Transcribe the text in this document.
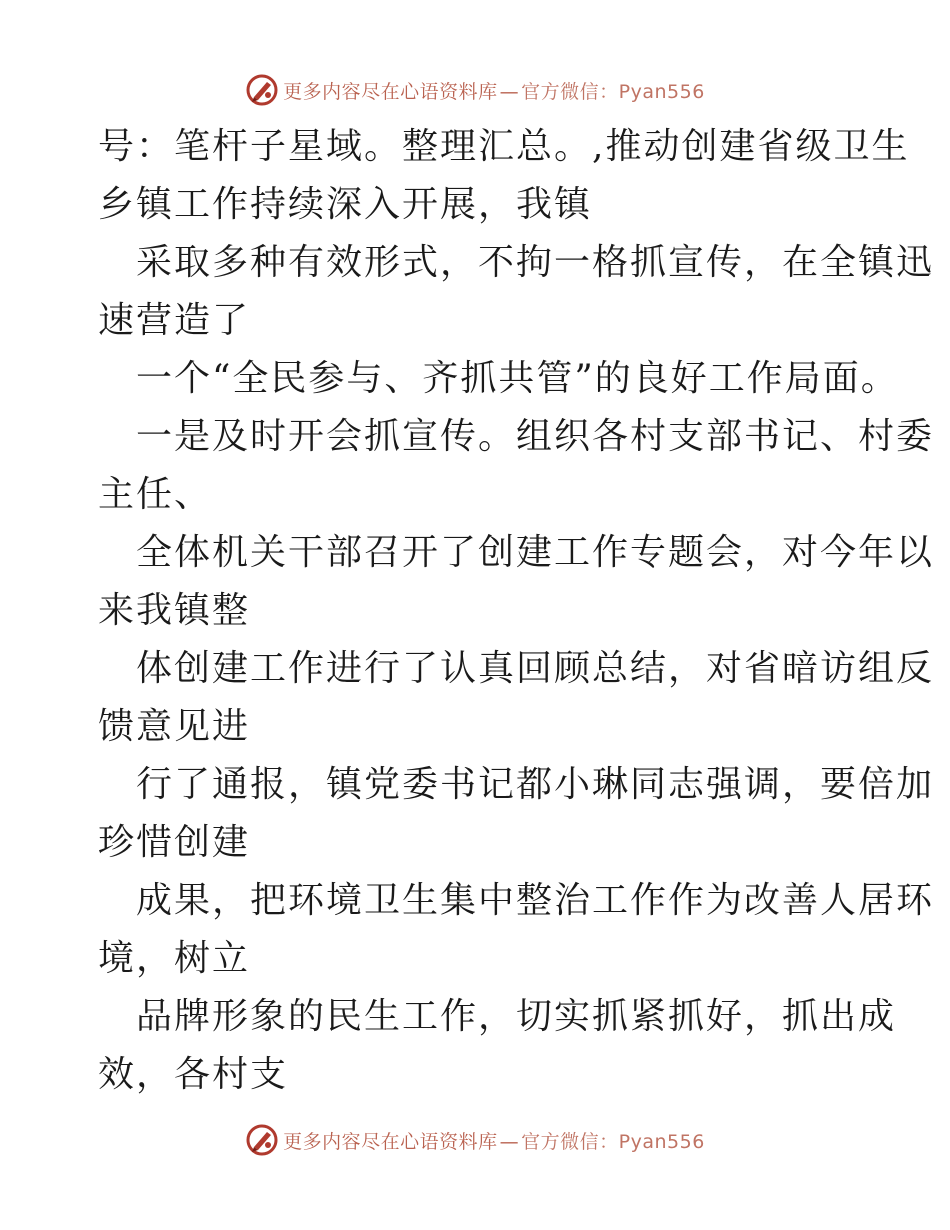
更多内容尽在心语资料库 — 官方微信：Pyan556
号：笔杆子星域。整理汇总。,推动创建省级卫生
乡镇工作持续深入开展，我镇
采取多种有效形式，不拘一格抓宣传，在全镇迅
速营造了
一个“全民参与、齐抓共管”的良好工作局面。
一是及时开会抓宣传。组织各村支部书记、村委
主任、
全体机关干部召开了创建工作专题会，对今年以
来我镇整
体创建工作进行了认真回顾总结，对省暗访组反
馈意见进
行了通报，镇党委书记都小琳同志强调，要倍加
珍惜创建
成果，把环境卫生集中整治工作作为改善人居环
境，树立
品牌形象的民生工作，切实抓紧抓好，抓出成
效，各村支
更多内容尽在心语资料库 — 官方微信：Pyan556
